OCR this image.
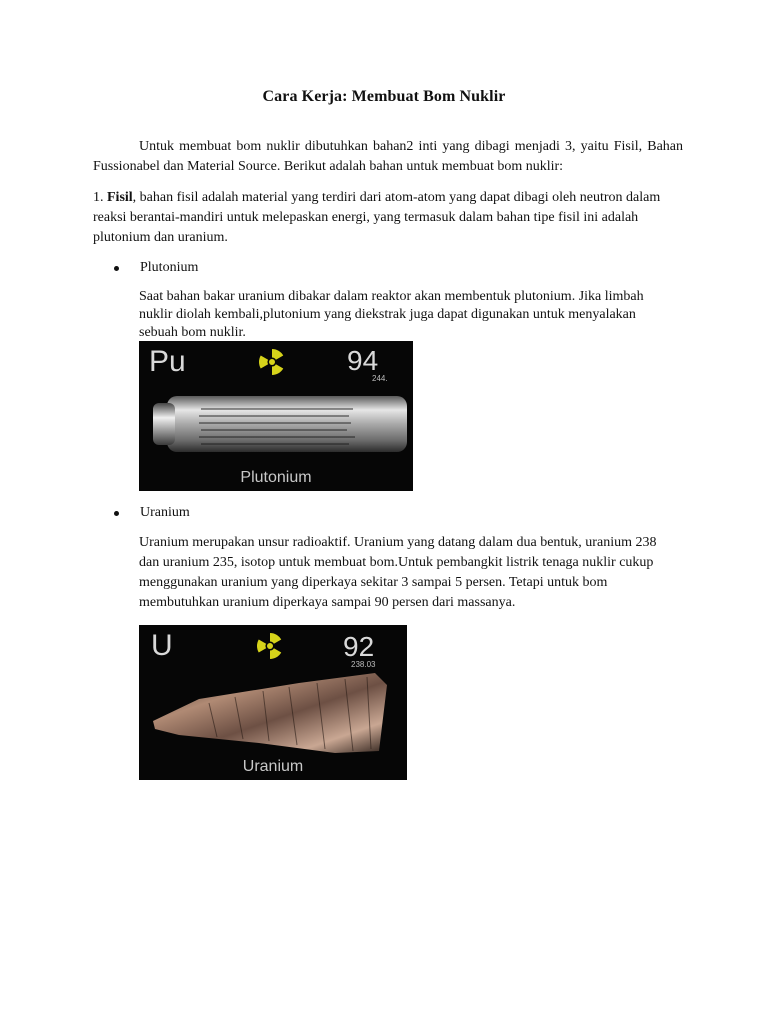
Cara Kerja: Membuat Bom Nuklir

Untuk membuat bom nuklir dibutuhkan bahan2 inti yang dibagi menjadi 3, yaitu Fisil, Bahan Fussionabel dan Material Source. Berikut adalah bahan untuk membuat bom nuklir:

1. Fisil, bahan fisil adalah material yang terdiri dari atom-atom yang dapat dibagi oleh neutron dalam reaksi berantai-mandiri untuk melepaskan energi, yang termasuk dalam bahan tipe fisil ini adalah plutonium dan uranium.

Plutonium

Saat bahan bakar uranium dibakar dalam reaktor akan membentuk plutonium. Jika limbah nuklir diolah kembali,plutonium yang diekstrak juga dapat digunakan untuk menyalakan sebuah bom nuklir.

Pu	94
244.
Plutonium
Uranium

Uranium merupakan unsur radioaktif. Uranium yang datang dalam dua bentuk, uranium 238 dan uranium 235, isotop untuk membuat bom.Untuk pembangkit listrik tenaga nuklir cukup menggunakan uranium yang diperkaya sekitar 3 sampai 5 persen. Tetapi untuk bom membutuhkan uranium diperkaya sampai 90 persen dari massanya.

U	92
238.03
Uranium
